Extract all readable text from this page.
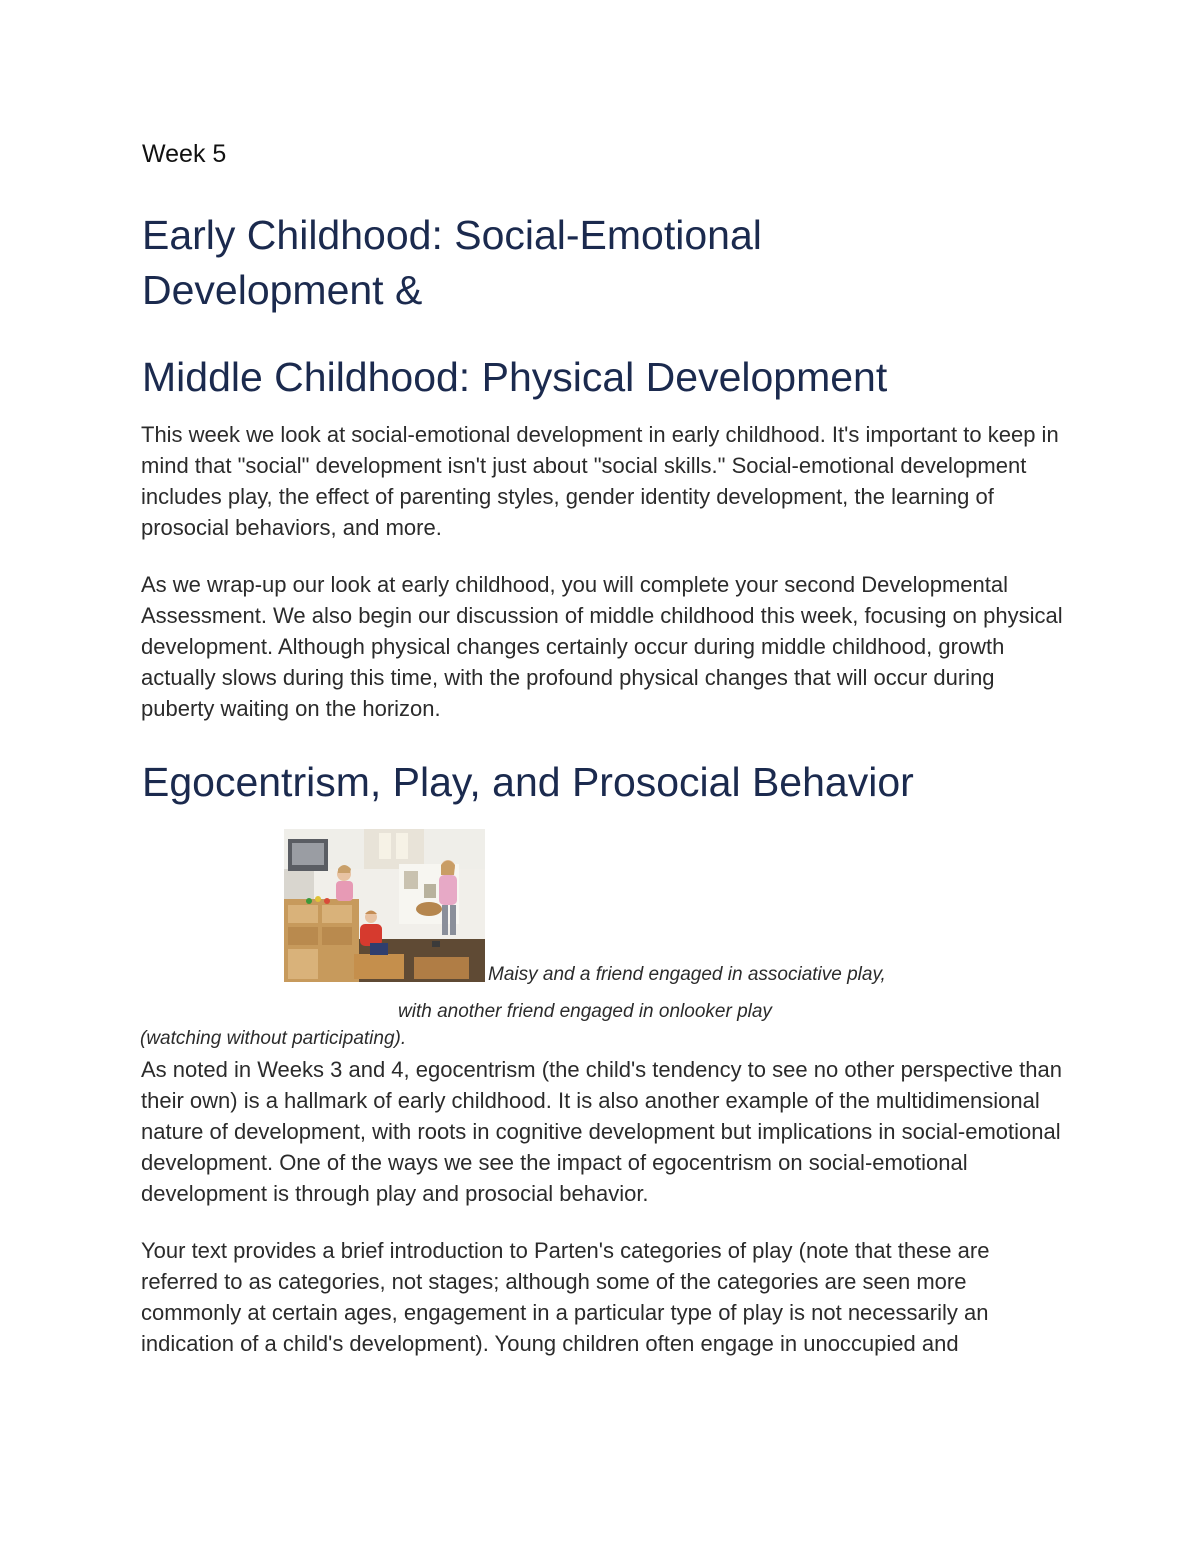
Week 5

Early Childhood: Social-Emotional
Development &
Middle Childhood: Physical Development

This week we look at social-emotional development in early childhood. It's important to keep in mind that "social" development isn't just about "social skills." Social-emotional development includes play, the effect of parenting styles, gender identity development, the learning of prosocial behaviors, and more.

As we wrap-up our look at early childhood, you will complete your second Developmental Assessment. We also begin our discussion of middle childhood this week, focusing on physical development. Although physical changes certainly occur during middle childhood, growth actually slows during this time, with the profound physical changes that will occur during puberty waiting on the horizon.

Egocentrism, Play, and Prosocial Behavior

Maisy and a friend engaged in associative play,

with another friend engaged in onlooker play

(watching without participating).

As noted in Weeks 3 and 4, egocentrism (the child's tendency to see no other perspective than their own) is a hallmark of early childhood. It is also another example of the multidimensional nature of development, with roots in cognitive development but implications in social-emotional development. One of the ways we see the impact of egocentrism on social-emotional development is through play and prosocial behavior.

Your text provides a brief introduction to Parten's categories of play (note that these are referred to as categories, not stages; although some of the categories are seen more commonly at certain ages, engagement in a particular type of play is not necessarily an indication of a child's development). Young children often engage in unoccupied and
